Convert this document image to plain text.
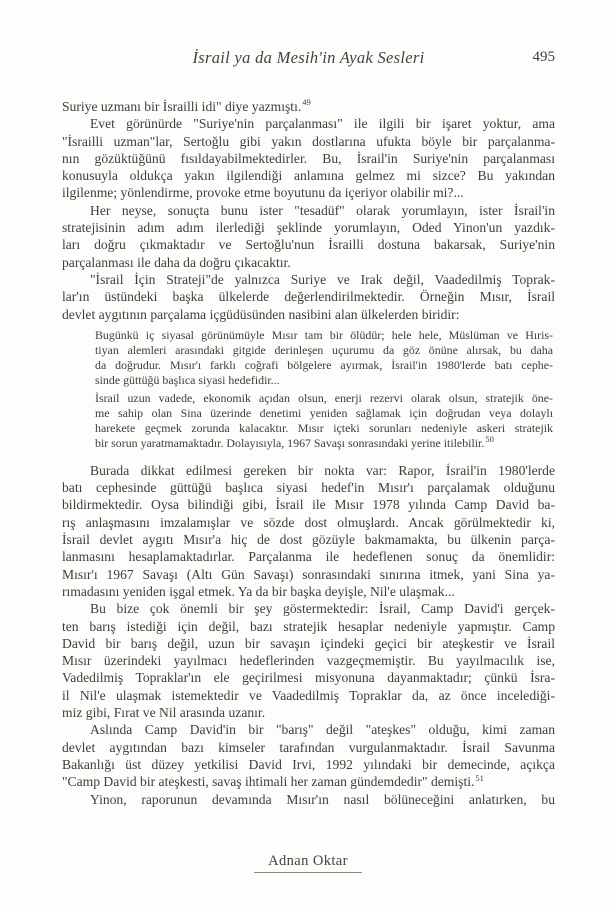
İsrail ya da Mesih'in Ayak Sesleri	495

Suriye uzmanı bir İsrailli idi" diye yazmıştı.$^{49}$

Evet görünürde "Suriye'nin parçalanması" ile ilgili bir işaret yoktur, ama
"İsrailli uzman"lar, Sertoğlu gibi yakın dostlarına ufukta böyle bir parçalanma-
nın gözüktüğünü fısıldayabilmektedirler. Bu, İsrail'in Suriye'nin parçalanması
konusuyla oldukça yakın ilgilendiği anlamına gelmez mi sizce? Bu yakından
ilgilenme; yönlendirme, provoke etme boyutunu da içeriyor olabilir mi?...

Her neyse, sonuçta bunu ister "tesadüf" olarak yorumlayın, ister İsrail'in
stratejisinin adım adım ilerlediği şeklinde yorumlayın, Oded Yinon'un yazdık-
ları doğru çıkmaktadır ve Sertoğlu'nun İsrailli dostuna bakarsak, Suriye'nin
parçalanması ile daha da doğru çıkacaktır.

"İsrail İçin Strateji"de yalnızca Suriye ve Irak değil, Vaadedilmiş Toprak-
lar'ın üstündeki başka ülkelerde değerlendirilmektedir. Örneğin Mısır, İsrail
devlet aygıtının parçalama içgüdüsünden nasibini alan ülkelerden biridir:

Bugünkü iç siyasal görünümüyle Mısır tam bir ölüdür; hele hele, Müslüman ve Hıris-
tiyan alemleri arasındaki gitgide derinleşen uçurumu da göz önüne alırsak, bu daha
da doğrudur. Mısır'ı farklı coğrafi bölgelere ayırmak, İsrail'in 1980'lerde batı cephe-
sinde güttüğü başlıca siyasi hedefidir...

İsrail uzun vadede, ekonomik açıdan olsun, enerji rezervi olarak olsun, stratejik öne-
me sahip olan Sina üzerinde denetimi yeniden sağlamak için doğrudan veya dolaylı
harekete geçmek zorunda kalacaktır. Mısır içteki sorunları nedeniyle askeri stratejik
bir sorun yaratmamaktadır. Dolayısıyla, 1967 Savaşı sonrasındaki yerine itilebilir.$^{50}$

Burada dikkat edilmesi gereken bir nokta var: Rapor, İsrail'in 1980'lerde
batı cephesinde güttüğü başlıca siyasi hedef'in Mısır'ı parçalamak olduğunu
bildirmektedir. Oysa bilindiği gibi, İsrail ile Mısır 1978 yılında Camp David ba-
rış anlaşmasını imzalamışlar ve sözde dost olmuşlardı. Ancak görülmektedir ki,
İsrail devlet aygıtı Mısır'a hiç de dost gözüyle bakmamakta, bu ülkenin parça-
lanmasını hesaplamaktadırlar. Parçalanma ile hedeflenen sonuç da önemlidir:
Mısır'ı 1967 Savaşı (Altı Gün Savaşı) sonrasındaki sınırına itmek, yani Sina ya-
rımadasını yeniden işgal etmek. Ya da bir başka deyişle, Nil'e ulaşmak...

Bu bize çok önemli bir şey göstermektedir: İsrail, Camp David'i gerçek-
ten barış istediği için değil, bazı stratejik hesaplar nedeniyle yapmıştır. Camp
David bir barış değil, uzun bir savaşın içindeki geçici bir ateşkestir ve İsrail
Mısır üzerindeki yayılmacı hedeflerinden vazgeçmemiştir. Bu yayılmacılık ise,
Vadedilmiş Topraklar'ın ele geçirilmesi misyonuna dayanmaktadır; çünkü İsra-
il Nil'e ulaşmak istemektedir ve Vaadedilmiş Topraklar da, az önce incelediği-
miz gibi, Fırat ve Nil arasında uzanır.

Aslında Camp David'in bir "barış" değil "ateşkes" olduğu, kimi zaman
devlet aygıtından bazı kimseler tarafından vurgulanmaktadır. İsrail Savunma
Bakanlığı üst düzey yetkilisi David Irvi, 1992 yılındaki bir demecinde, açıkça
"Camp David bir ateşkesti, savaş ihtimali her zaman gündemdedir" demişti.$^{51}$

Yinon, raporunun devamında Mısır'ın nasıl bölüneceğini anlatırken, bu

Adnan Oktar
